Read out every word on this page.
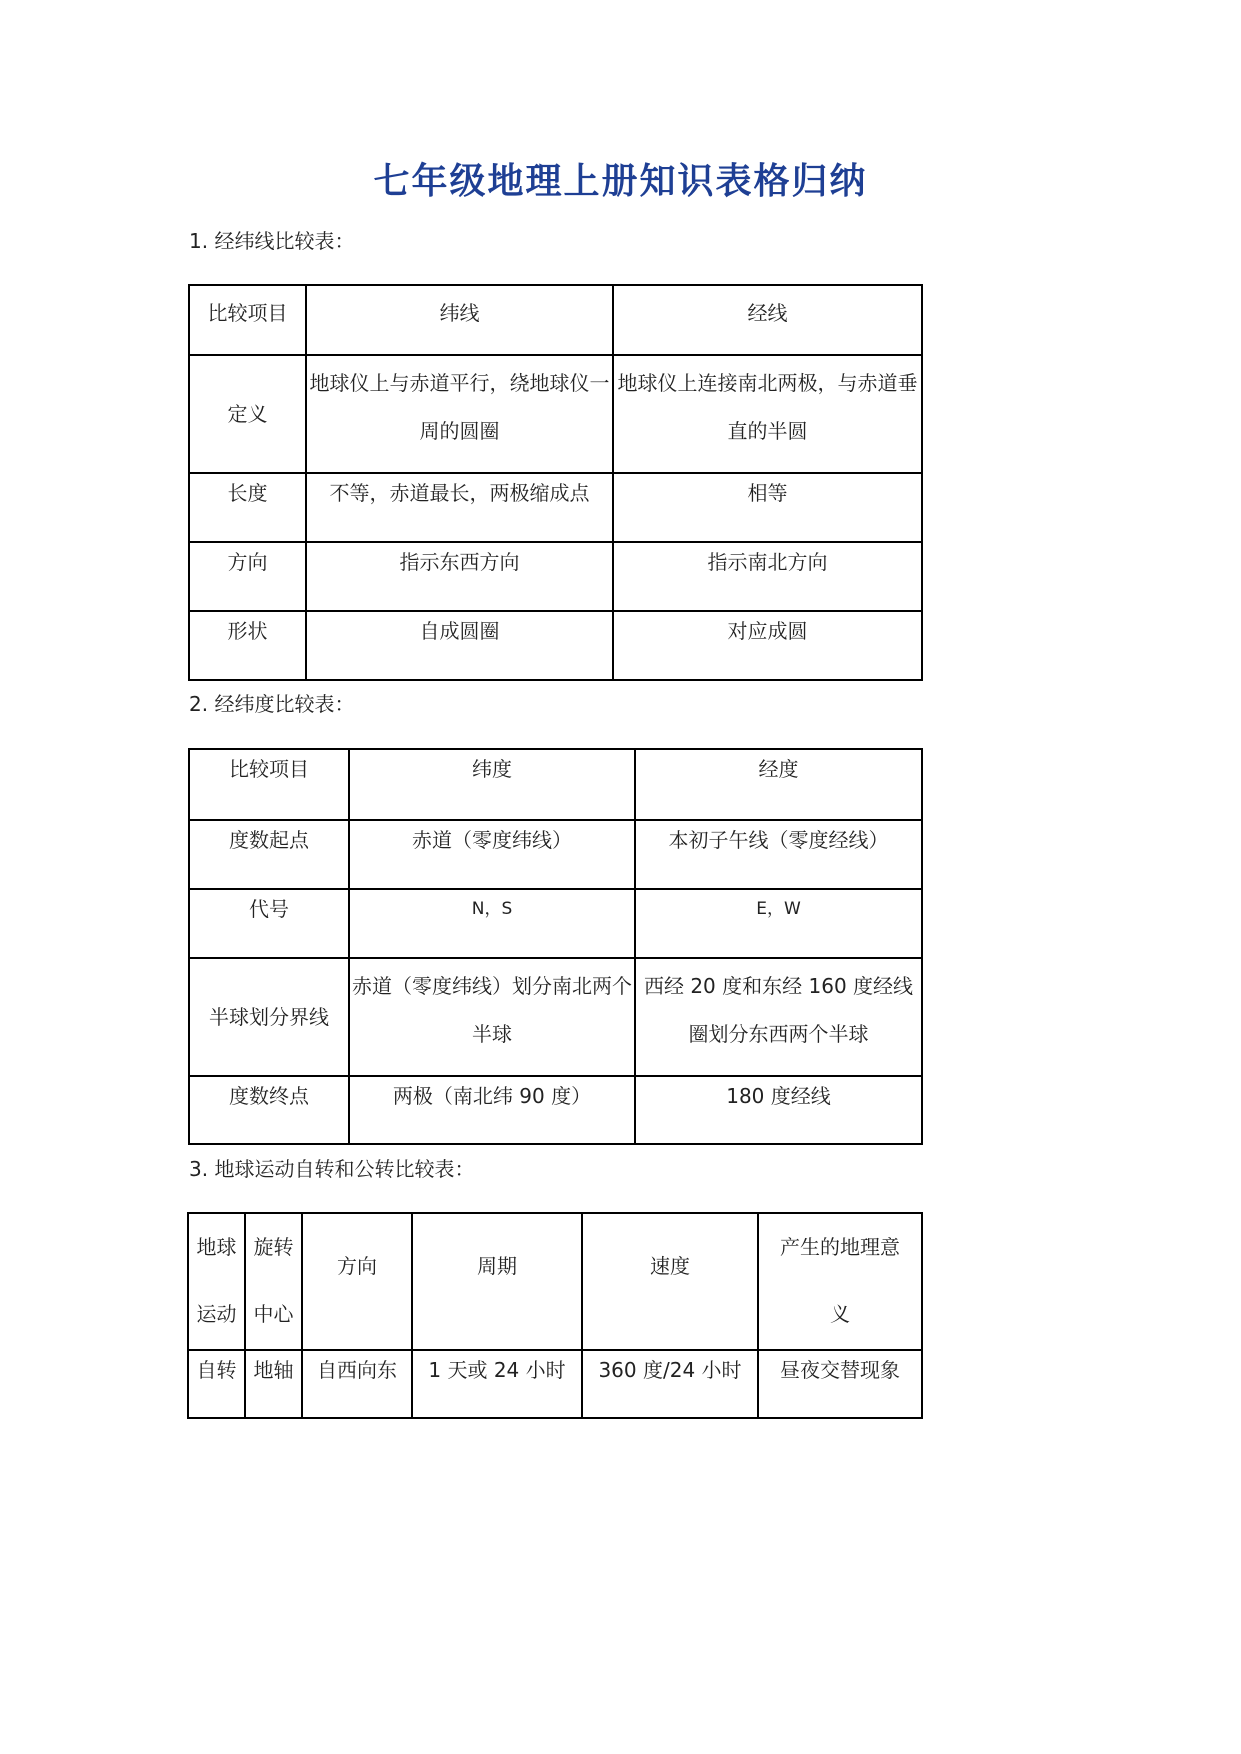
七年级地理上册知识表格归纳
1. 经纬线比较表：
比较项目	纬线	经线
定义	地球仪上与赤道平行，绕地球仪一周的圆圈	地球仪上连接南北两极，与赤道垂直的半圆
长度	不等，赤道最长，两极缩成点	相等
方向	指示东西方向	指示南北方向
形状	自成圆圈	对应成圆
2. 经纬度比较表：
比较项目	纬度	经度
度数起点	赤道（零度纬线）	本初子午线（零度经线）
代号	N，S	E，W
半球划分界线	赤道（零度纬线）划分南北两个半球	西经 20 度和东经 160 度经线圈划分东西两个半球
度数终点	两极（南北纬 90 度）	180 度经线
3. 地球运动自转和公转比较表：
地球运动	旋转中心	方向	周期	速度	产生的地理意义
自转	地轴	自西向东	1 天或 24 小时	360 度/24 小时	昼夜交替现象
